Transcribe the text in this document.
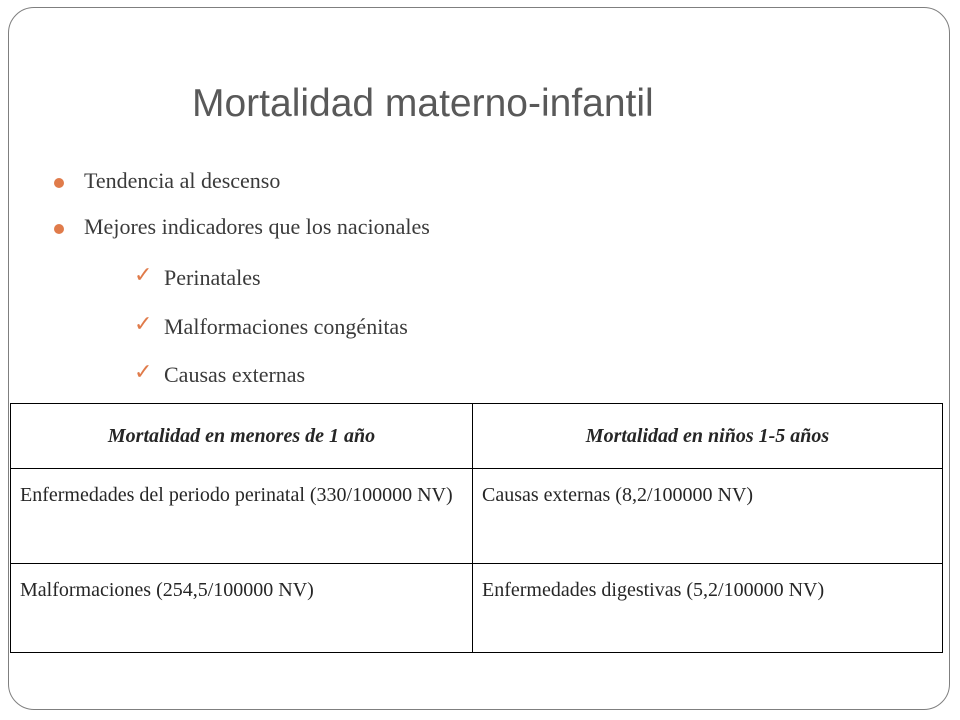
Mortalidad materno-infantil
Tendencia al descenso
Mejores indicadores que los nacionales
✓ Perinatales
✓ Malformaciones congénitas
✓ Causas externas
Mortalidad en menores de 1 año	Mortalidad en niños 1-5 años
Enfermedades del periodo perinatal (330/100000 NV)	Causas externas (8,2/100000 NV)
Malformaciones (254,5/100000 NV)	Enfermedades digestivas (5,2/100000 NV)
